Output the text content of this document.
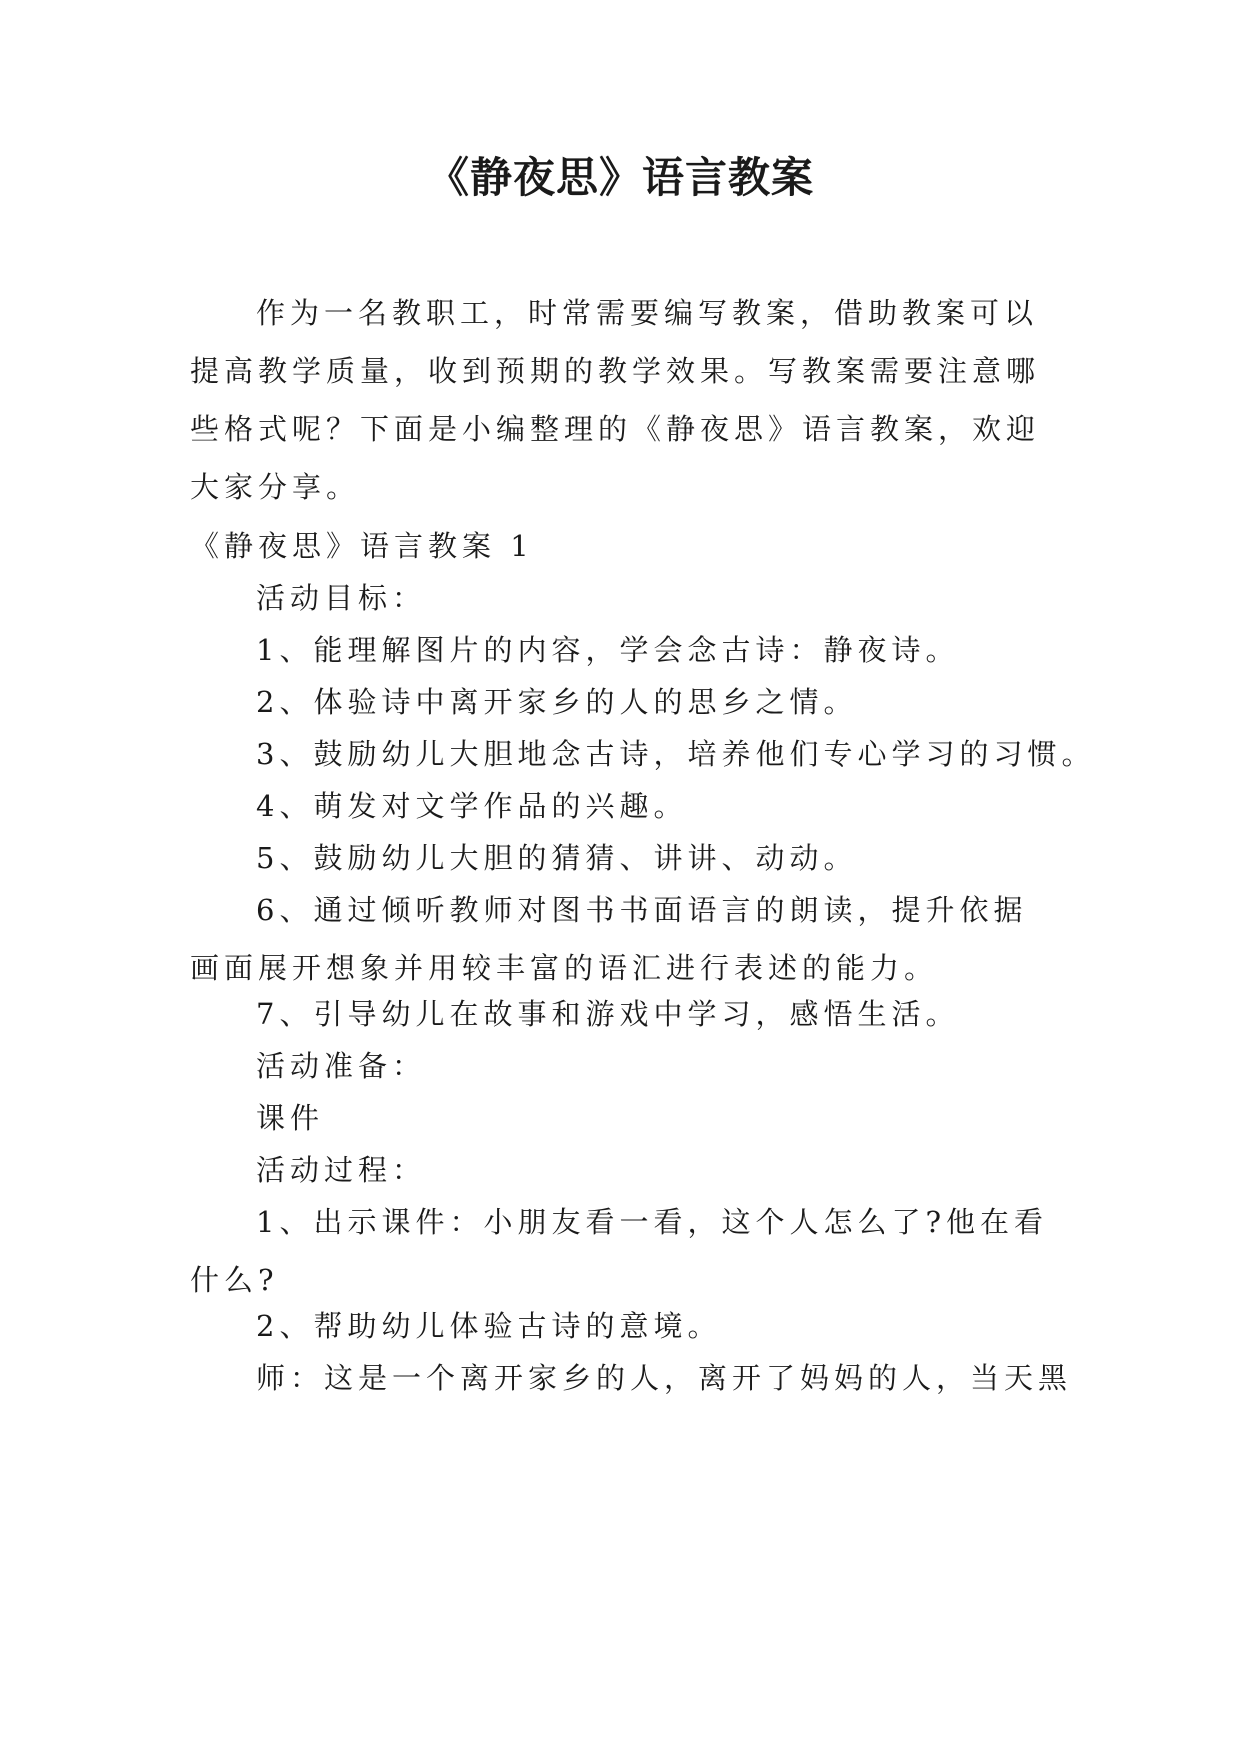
《静夜思》语言教案

作为一名教职工，时常需要编写教案，借助教案可以提高教学质量，收到预期的教学效果。写教案需要注意哪些格式呢？下面是小编整理的《静夜思》语言教案，欢迎大家分享。

《静夜思》语言教案 1

活动目标：

1、能理解图片的内容，学会念古诗：静夜诗。

2、体验诗中离开家乡的人的思乡之情。

3、鼓励幼儿大胆地念古诗，培养他们专心学习的习惯。

4、萌发对文学作品的兴趣。

5、鼓励幼儿大胆的猜猜、讲讲、动动。

6、通过倾听教师对图书书面语言的朗读，提升依据画面展开想象并用较丰富的语汇进行表述的能力。

7、引导幼儿在故事和游戏中学习，感悟生活。

活动准备：

课件

活动过程：

1、出示课件：小朋友看一看，这个人怎么了?他在看什么?

2、帮助幼儿体验古诗的意境。

师：这是一个离开家乡的人，离开了妈妈的人，当天黑
